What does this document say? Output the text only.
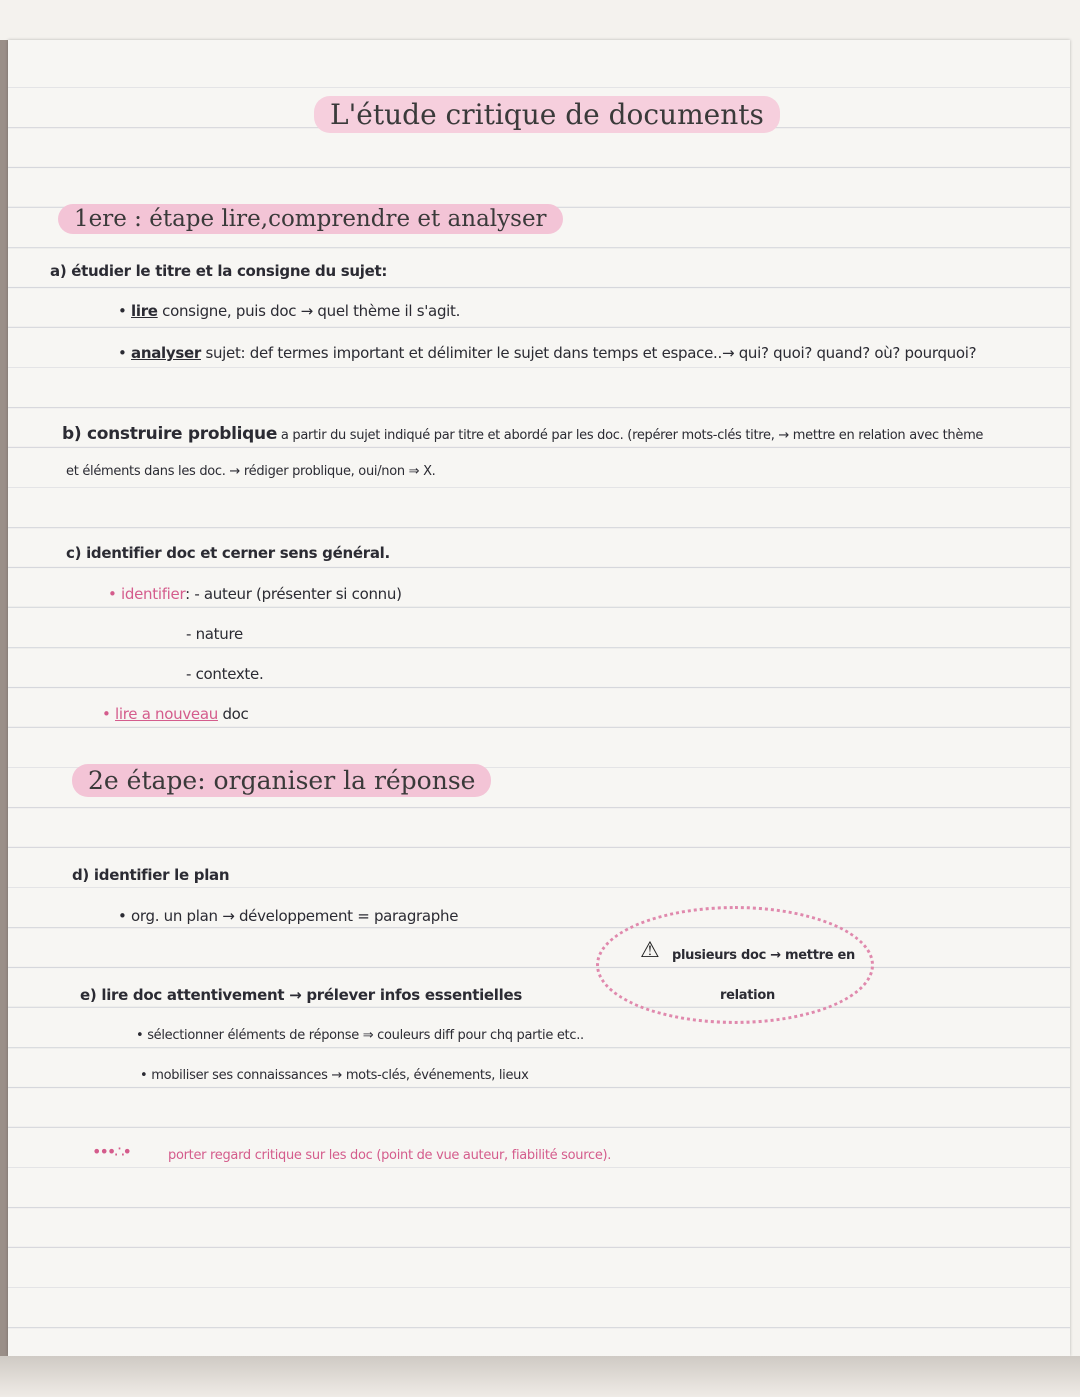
L'étude critique de documents
1ere : étape lire,comprendre et analyser
a) étudier le titre et la consigne du sujet:
• lire consigne, puis doc → quel thème il s'agit.
• analyser sujet: def termes important et délimiter le sujet dans temps et espace..→ qui? quoi? quand? où? pourquoi?
b) construire problique a partir du sujet indiqué par titre et abordé par les doc. (repérer mots-clés titre, → mettre en relation avec thème
et éléments dans les doc. → rédiger problique, oui/non ⇒ X.
c) identifier doc et cerner sens général.
• identifier: - auteur (présenter si connu)
- nature
- contexte.
• lire a nouveau doc
2e étape: organiser la réponse
d) identifier le plan
• org. un plan → développement = paragraphe
⚠ plusieurs doc → mettre en
relation
e) lire doc attentivement → prélever infos essentielles
• sélectionner éléments de réponse ⇒ couleurs diff pour chq partie etc..
• mobiliser ses connaissances → mots-clés, événements, lieux
•••∴•	porter regard critique sur les doc (point de vue auteur, fiabilité source).
